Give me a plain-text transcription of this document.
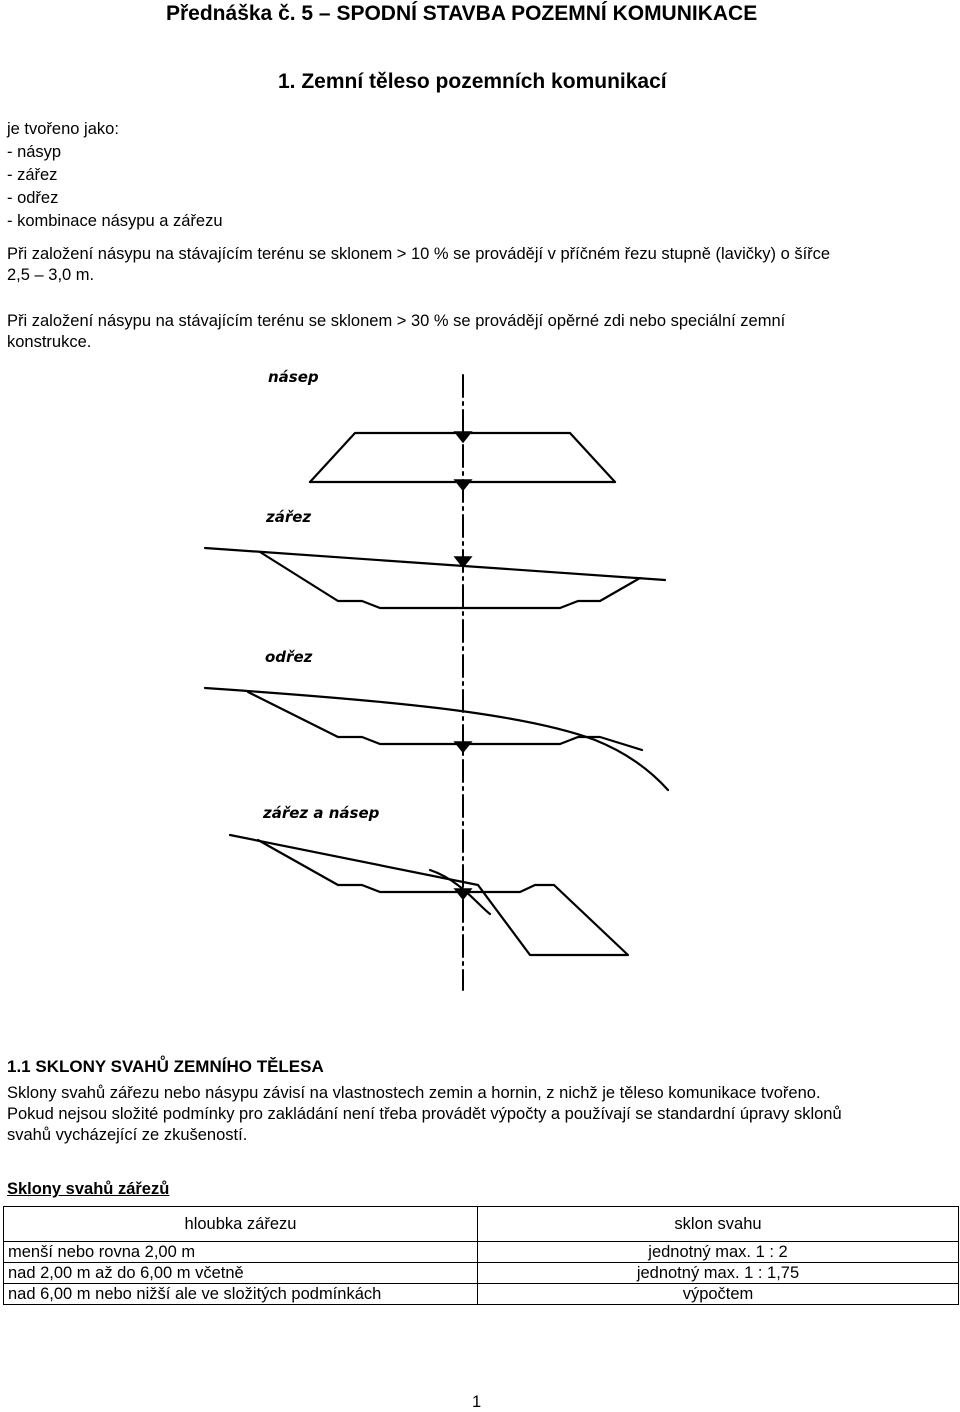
Přednáška č. 5 – SPODNÍ STAVBA POZEMNÍ KOMUNIKACE
1. Zemní těleso pozemních komunikací
je tvořeno jako:
- násyp
- zářez
- odřez
- kombinace násypu a zářezu
Při založení násypu na stávajícím terénu se sklonem > 10 % se provádějí v příčném řezu stupně (lavičky) o šířce
2,5 – 3,0 m.
Při založení násypu na stávajícím terénu se sklonem > 30 % se provádějí opěrné zdi nebo speciální zemní
konstrukce.
násep
zářez
odřez
zářez a násep
1.1 SKLONY SVAHŮ ZEMNÍHO TĚLESA
Sklony svahů zářezu nebo násypu závisí na vlastnostech zemin a hornin, z nichž je těleso komunikace tvořeno.
Pokud nejsou složité podmínky pro zakládání není třeba provádět výpočty a používají se standardní úpravy sklonů
svahů vycházející ze zkušeností.
Sklony svahů zářezů
hloubka zářezu	sklon svahu
menší nebo rovna 2,00 m	jednotný max. 1 : 2
nad 2,00 m až do 6,00 m včetně	jednotný max. 1 : 1,75
nad 6,00 m nebo nižší ale ve složitých podmínkách	výpočtem
1
